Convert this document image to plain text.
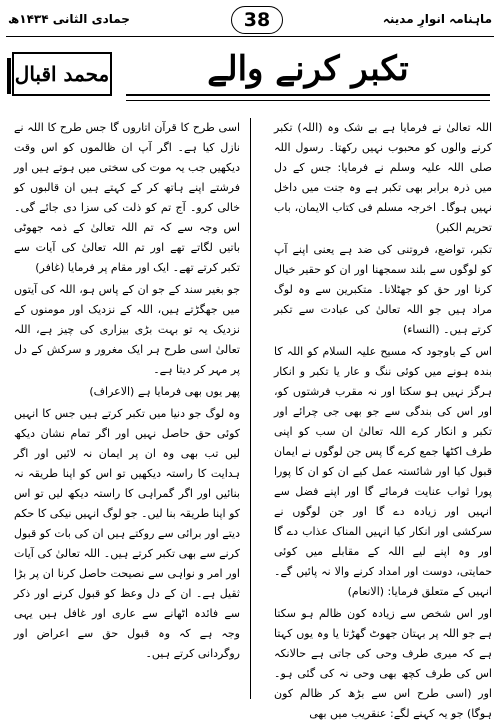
جمادی الثانی ۱۴۳۴ھ	38	ماہنامہ انوارِ مدینہ
محمد اقبال	تکبر کرنے والے

اللہ تعالیٰ نے فرمایا ہے بے شک وہ (اللہ) تکبر کرنے والوں کو محبوب نہیں رکھتا۔ رسول اللہ صلی اللہ علیہ وسلم نے فرمایا: جس کے دل میں ذرہ برابر بھی تکبر ہے وہ جنت میں داخل نہیں ہوگا۔ اخرجہ مسلم فی کتاب الایمان، باب تحریم الکبر)

تکبر، تواضع، فروتنی کی ضد ہے یعنی اپنے آپ کو لوگوں سے بلند سمجھنا اور ان کو حقیر خیال کرنا اور حق کو جھٹلانا۔ متکبرین سے وہ لوگ مراد ہیں جو اللہ تعالیٰ کی عبادت سے تکبر کرتے ہیں۔ (النساء)

اس کے باوجود کہ مسیح علیہ السلام کو اللہ کا بندہ ہونے میں کوئی ننگ و عار یا تکبر و انکار ہرگز نہیں ہو سکتا اور نہ مقرب فرشتوں کو، اور اس کی بندگی سے جو بھی جی چرائے اور تکبر و انکار کرے اللہ تعالیٰ ان سب کو اپنی طرف اکٹھا جمع کرے گا پس جن لوگوں نے ایمان قبول کیا اور شائستہ عمل کیے ان کو ان کا پورا پورا ثواب عنایت فرمائے گا اور اپنے فضل سے انہیں اور زیادہ دے گا اور جن لوگوں نے سرکشی اور انکار کیا انہیں المناک عذاب دے گا اور وہ اپنے لیے اللہ کے مقابلے میں کوئی حمایتی، دوست اور امداد کرنے والا نہ پائیں گے۔ انہیں کے متعلق فرمایا: (الانعام)

اور اس شخص سے زیادہ کون ظالم ہو سکتا ہے جو اللہ پر بہتان جھوٹ گھڑتا یا وہ یوں کہتا ہے کہ میری طرف وحی کی جاتی ہے حالانکہ اس کی طرف کچھ بھی وحی نہ کی گئی ہو۔ اور (اسی طرح اس سے بڑھ کر ظالم کون ہوگا) جو یہ کہنے لگے: عنقریب میں بھی

اسی طرح کا قرآن اتاروں گا جس طرح کا اللہ نے نازل کیا ہے۔ اگر آپ ان ظالموں کو اس وقت دیکھیں جب یہ موت کی سختی میں ہوتے ہیں اور فرشتے اپنے ہاتھ کر کے کہتے ہیں ان قالبوں کو خالی کرو۔ آج تم کو ذلت کی سزا دی جائے گی۔ اس وجہ سے کہ تم اللہ تعالیٰ کے ذمہ جھوٹی باتیں لگاتے تھے اور تم اللہ تعالیٰ کی آیات سے تکبر کرتے تھے۔ ایک اور مقام پر فرمایا (غافر)

جو بغیر سند کے جو ان کے پاس ہو، اللہ کی آیتوں میں جھگڑتے ہیں، اللہ کے نزدیک اور مومنوں کے نزدیک یہ تو بہت بڑی بیزاری کی چیز ہے، اللہ تعالیٰ اسی طرح ہر ایک مغرور و سرکش کے دل پر مہر کر دیتا ہے۔

پھر یوں بھی فرمایا ہے (الاعراف)

وہ لوگ جو دنیا میں تکبر کرتے ہیں جس کا انہیں کوئی حق حاصل نہیں اور اگر تمام نشان دیکھ لیں تب بھی وہ ان پر ایمان نہ لائیں اور اگر ہدایت کا راستہ دیکھیں تو اس کو اپنا طریقہ نہ بنائیں اور اگر گمراہی کا راستہ دیکھ لیں تو اس کو اپنا طریقہ بنا لیں۔ جو لوگ انہیں نیکی کا حکم دیتے اور برائی سے روکتے ہیں ان کی بات کو قبول کرنے سے بھی تکبر کرتے ہیں۔ اللہ تعالیٰ کی آیات اور امر و نواہی سے نصیحت حاصل کرنا ان پر بڑا ثقیل ہے۔ ان کے دل وعظ کو قبول کرنے اور ذکر سے فائدہ اٹھانے سے عاری اور غافل ہیں یہی وجہ ہے کہ وہ قبول حق سے اعراض اور روگردانی کرتے ہیں۔
